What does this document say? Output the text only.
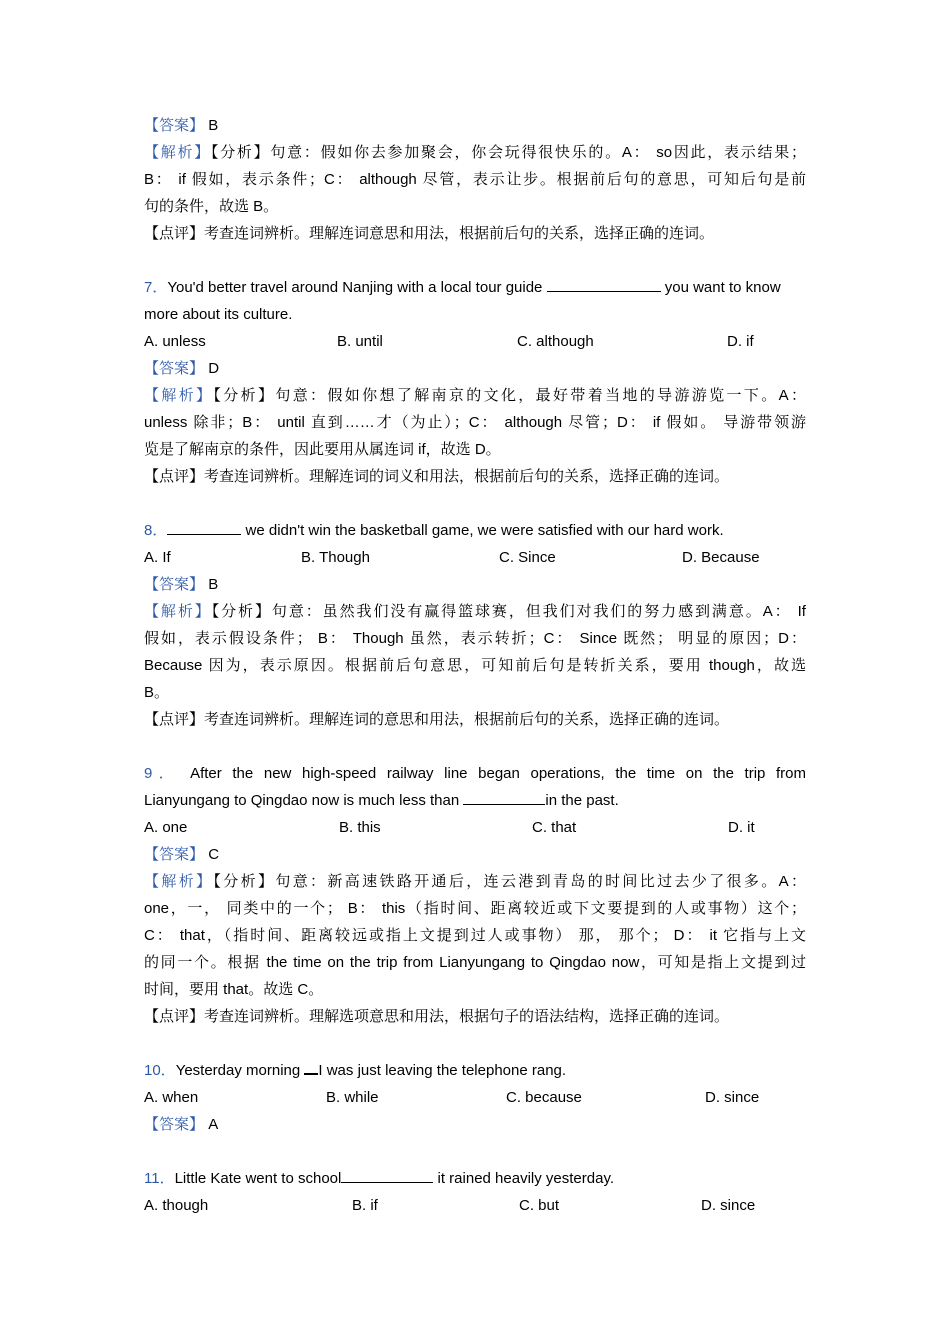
【答案】 B
【解析】【分析】句意：假如你去参加聚会，你会玩得很快乐的。A： so因此，表示结果；
B： if 假如，表示条件；C： although 尽管，表示让步。根据前后句的意思，可知后句是前
句的条件，故选 B。
【点评】考查连词辨析。理解连词意思和用法，根据前后句的关系，选择正确的连词。
7．You'd better travel around Nanjing with a local tour guide	you want to know
more about its culture.
A. unless	B. until	C. although	D. if
【答案】 D
【解析】【分析】句意：假如你想了解南京的文化，最好带着当地的导游游览一下。A：
unless 除非；B： until 直到……才（为止）；C： although 尽管；D： if 假如。 导游带领游
览是了解南京的条件，因此要用从属连词 if，故选 D。
【点评】考查连词辨析。理解连词的词义和用法，根据前后句的关系，选择正确的连词。
8．	we didn't win the basketball game, we were satisfied with our hard work.
A. If	B. Though	C. Since	D. Because
【答案】 B
【解析】【分析】句意：虽然我们没有赢得篮球赛，但我们对我们的努力感到满意。A： If
假如，表示假设条件； B： Though 虽然，表示转折；C： Since 既然； 明显的原因；D：
Because 因为，表示原因。根据前后句意思，可知前后句是转折关系，要用 though，故选
B。
【点评】考查连词辨析。理解连词的意思和用法，根据前后句的关系，选择正确的连词。
9． After the new high-speed railway line began operations, the time on the trip from
Lianyungang to Qingdao now is much less than	in the past.
A. one	B. this	C. that	D. it
【答案】 C
【解析】【分析】句意：新高速铁路开通后，连云港到青岛的时间比过去少了很多。A：
one，一， 同类中的一个； B： this（指时间、距离较近或下文要提到的人或事物）这个；
C： that，（指时间、距离较远或指上文提到过人或事物） 那， 那个； D： it 它指与上文
的同一个。根据 the time on the trip from Lianyungang to Qingdao now，可知是指上文提到过
时间，要用 that。故选 C。
【点评】考查连词辨析。理解选项意思和用法，根据句子的语法结构，选择正确的连词。
10．Yesterday morning I was just leaving the telephone rang.
A. when	B. while	C. because	D. since
【答案】 A
11．Little Kate went to school	it rained heavily yesterday.
A. though	B. if	C. but	D. since
